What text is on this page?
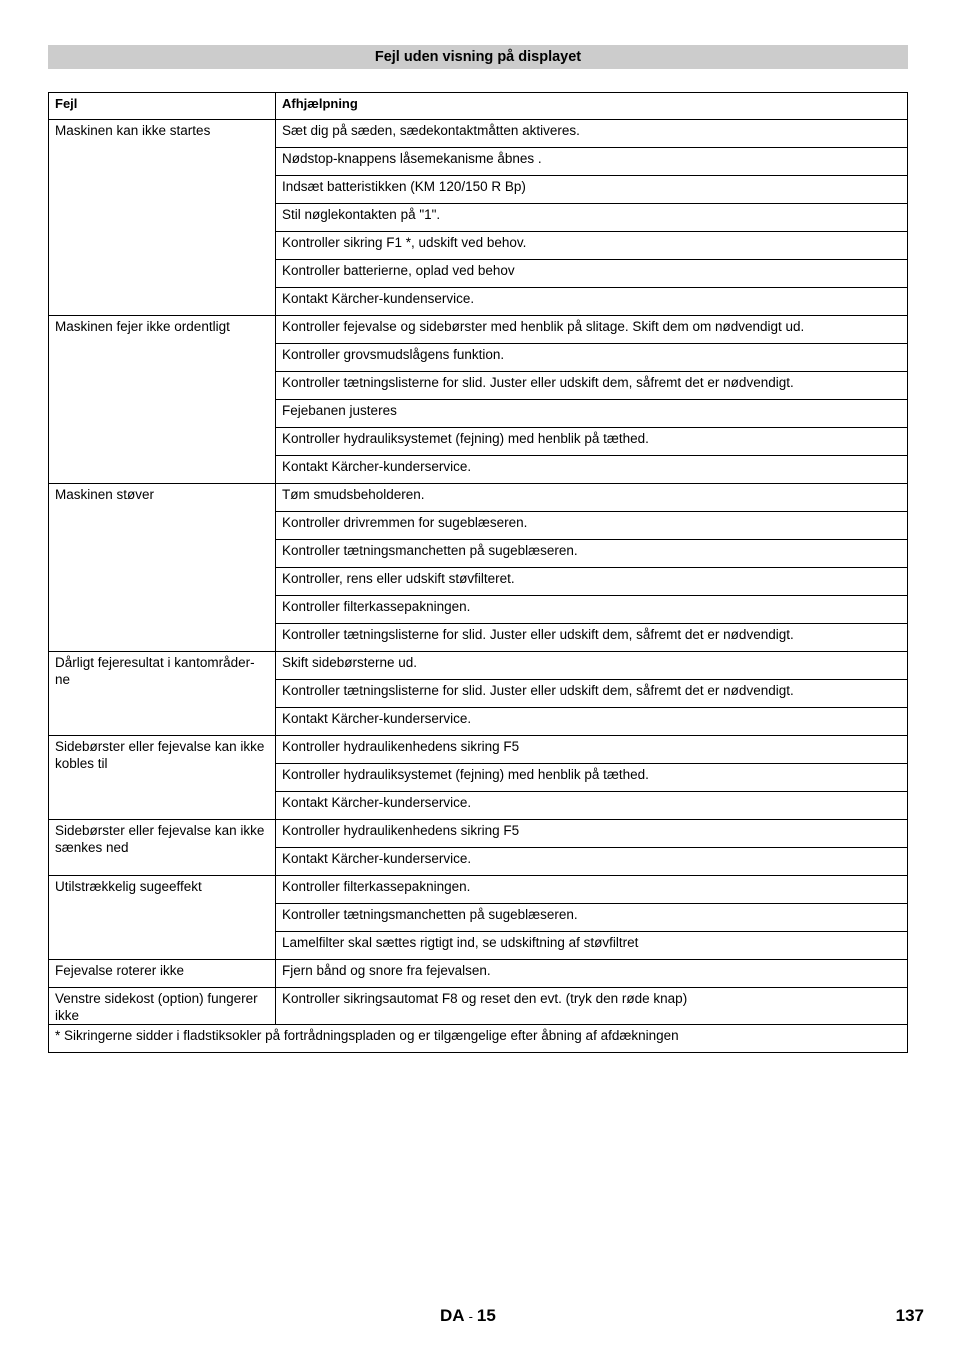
Fejl uden visning på displayet
Fejl	Afhjælpning
Maskinen kan ikke startes	Sæt dig på sæden, sædekontaktmåtten aktiveres.
	Nødstop-knappens låsemekanisme åbnes .
	Indsæt batteristikken (KM 120/150 R Bp)
	Stil nøglekontakten på "1".
	Kontroller sikring F1 *, udskift ved behov.
	Kontroller batterierne, oplad ved behov
	Kontakt Kärcher-kundenservice.
Maskinen fejer ikke ordentligt	Kontroller fejevalse og sidebørster med henblik på slitage. Skift dem om nødvendigt ud.
	Kontroller grovsmudslågens funktion.
	Kontroller tætningslisterne for slid. Juster eller udskift dem, såfremt det er nødvendigt.
	Fejebanen justeres
	Kontroller hydrauliksystemet (fejning) med henblik på tæthed.
	Kontakt Kärcher-kunderservice.
Maskinen støver	Tøm smudsbeholderen.
	Kontroller drivremmen for sugeblæseren.
	Kontroller tætningsmanchetten på sugeblæseren.
	Kontroller, rens eller udskift støvfilteret.
	Kontroller filterkassepakningen.
	Kontroller tætningslisterne for slid. Juster eller udskift dem, såfremt det er nødvendigt.
Dårligt fejeresultat i kantområder-ne	Skift sidebørsterne ud.
	Kontroller tætningslisterne for slid. Juster eller udskift dem, såfremt det er nødvendigt.
	Kontakt Kärcher-kunderservice.
Sidebørster eller fejevalse kan ikke kobles til	Kontroller hydraulikenhedens sikring F5
	Kontroller hydrauliksystemet (fejning) med henblik på tæthed.
	Kontakt Kärcher-kunderservice.
Sidebørster eller fejevalse kan ikke sænkes ned	Kontroller hydraulikenhedens sikring F5
	Kontakt Kärcher-kunderservice.
Utilstrækkelig sugeeffekt	Kontroller filterkassepakningen.
	Kontroller tætningsmanchetten på sugeblæseren.
	Lamelfilter skal sættes rigtigt ind, se udskiftning af støvfiltret
Fejevalse roterer ikke	Fjern bånd og snore fra fejevalsen.
Venstre sidekost (option) fungerer ikke	Kontroller sikringsautomat F8 og reset den evt. (tryk den røde knap)
* Sikringerne sidder i fladstiksokler på fortrådningspladen og er tilgængelige efter åbning af afdækningen	
DA - 15	137
